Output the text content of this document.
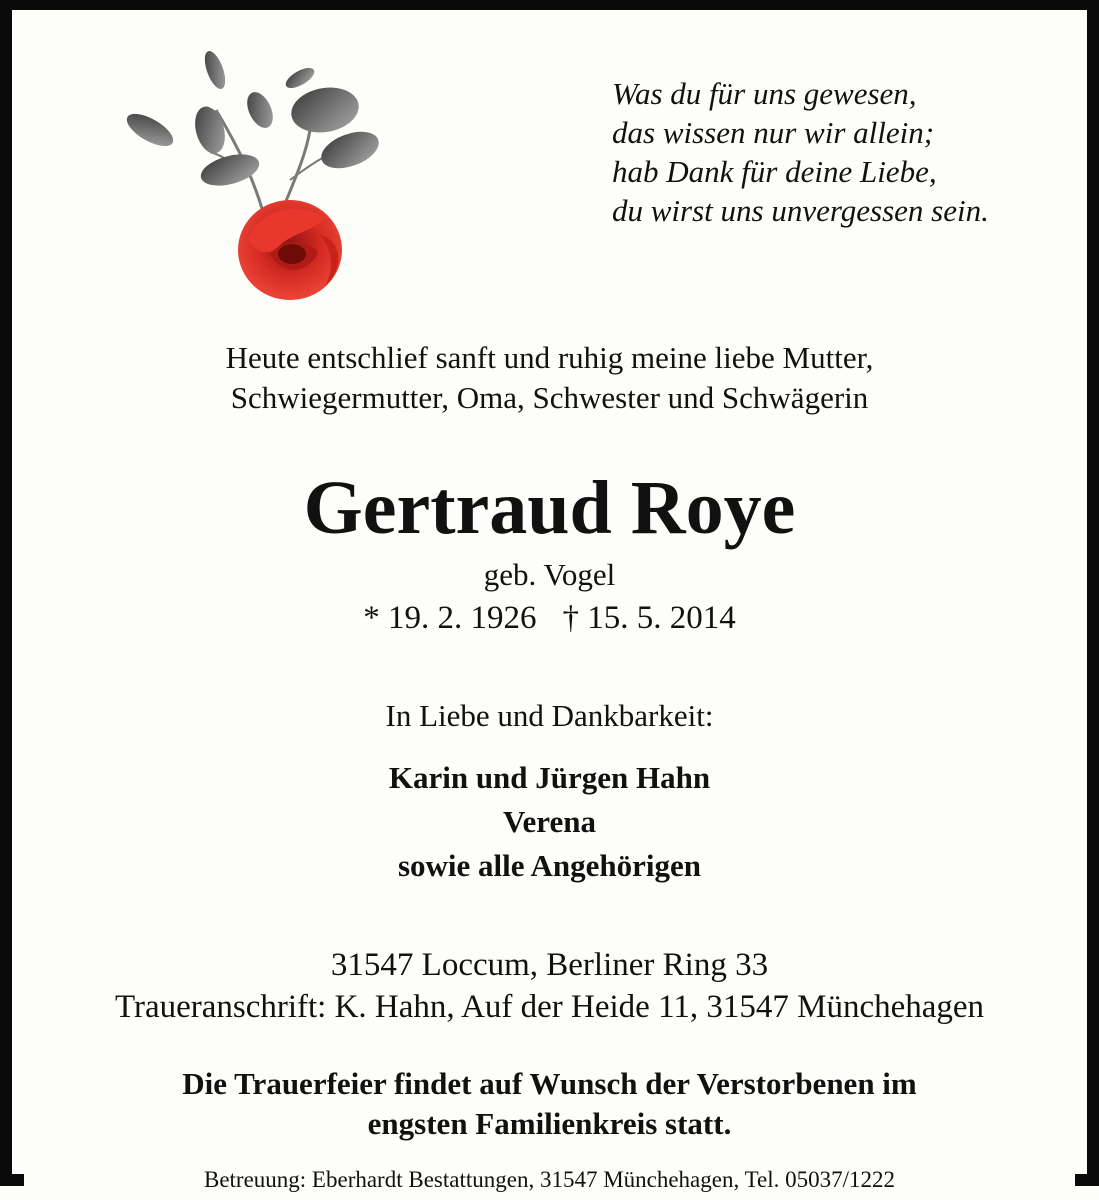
Was du für uns gewesen,
das wissen nur wir allein;
hab Dank für deine Liebe,
du wirst uns unvergessen sein.
Heute entschlief sanft und ruhig meine liebe Mutter,
Schwiegermutter, Oma, Schwester und Schwägerin
Gertraud Roye
geb. Vogel
* 19. 2. 1926 † 15. 5. 2014
In Liebe und Dankbarkeit:
Karin und Jürgen Hahn
Verena
sowie alle Angehörigen
31547 Loccum, Berliner Ring 33
Traueranschrift: K. Hahn, Auf der Heide 11, 31547 Münchehagen
Die Trauerfeier findet auf Wunsch der Verstorbenen im
engsten Familienkreis statt.
Betreuung: Eberhardt Bestattungen, 31547 Münchehagen, Tel. 05037/1222
